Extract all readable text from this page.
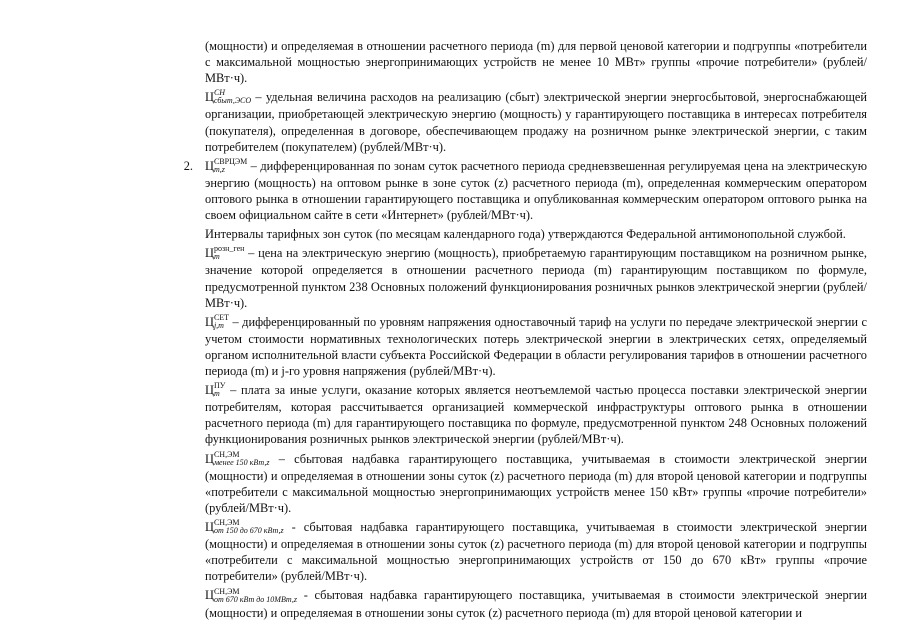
(мощности) и определяемая в отношении расчетного периода (m) для первой ценовой категории и подгруппы «потребители с максимальной мощностью энергопринимающих устройств не менее 10 МВт» группы «прочие потребители» (рублей/МВт·ч).

Ц СН
сбыт,ЭСО – удельная величина расходов на реализацию (сбыт) электрической энергии энергосбытовой, энергоснабжающей организации, приобретающей электрическую энергию (мощность) у гарантирующего поставщика в интересах потребителя (покупателя), определенная в договоре, обеспечивающем продажу на розничном рынке электрической энергии, с таким потребителем (покупателем) (рублей/МВт·ч).

2. Ц СВРЦЭМ
m,z	– дифференцированная по зонам суток расчетного периода средневзвешенная регулируемая цена на электрическую энергию (мощность) на оптовом рынке в зоне суток (z) расчетного периода (m), определенная коммерческим оператором оптового рынка в отношении гарантирующего поставщика и опубликованная коммерческим оператором оптового рынка на своем официальном сайте в сети «Интернет» (рублей/МВт·ч).

Интервалы тарифных зон суток (по месяцам календарного года) утверждаются Федеральной антимонопольной службой.

Ц розн_ген
m	– цена на электрическую энергию (мощность), приобретаемую гарантирующим поставщиком на розничном рынке, значение которой определяется в отношении расчетного периода (m) гарантирующим поставщиком по формуле, предусмотренной пунктом 238 Основных положений функционирования розничных рынков электрической энергии (рублей/МВт·ч).

Ц СЕТ
j,m – дифференцированный по уровням напряжения одноставочный тариф на услуги по передаче электрической энергии с учетом стоимости нормативных технологических потерь электрической энергии в электрических сетях, определяемый органом исполнительной власти субъекта Российской Федерации в области регулирования тарифов в отношении расчетного периода (m) и j-го уровня напряжения (рублей/МВт·ч).

Ц ПУ
m – плата за иные услуги, оказание которых является неотъемлемой частью процесса поставки электрической энергии потребителям, которая рассчитывается организацией коммерческой инфраструктуры оптового рынка в отношении расчетного периода (m) для гарантирующего поставщика по формуле, предусмотренной пунктом 248 Основных положений функционирования розничных рынков электрической энергии (рублей/МВт·ч).

Ц СН,ЭМ
менее 150 кВт,z – сбытовая надбавка гарантирующего поставщика, учитываемая в стоимости электрической энергии (мощности) и определяемая в отношении зоны суток (z) расчетного периода (m) для второй ценовой категории и подгруппы «потребители с максимальной мощностью энергопринимающих устройств менее 150 кВт» группы «прочие потребители» (рублей/МВт·ч).

Ц СН,ЭМ
от 150 до 670 кВт,z - сбытовая надбавка гарантирующего поставщика, учитываемая в стоимости электрической энергии (мощности) и определяемая в отношении зоны суток (z) расчетного периода (m) для второй ценовой категории и подгруппы «потребители с максимальной мощностью энергопринимающих устройств от 150 до 670 кВт» группы «прочие потребители» (рублей/МВт·ч).

Ц СН,ЭМ
от 670 кВт до 10МВт,z - сбытовая надбавка гарантирующего поставщика, учитываемая в стоимости электрической энергии (мощности) и определяемая в отношении зоны суток (z) расчетного периода (m) для второй ценовой категории и
